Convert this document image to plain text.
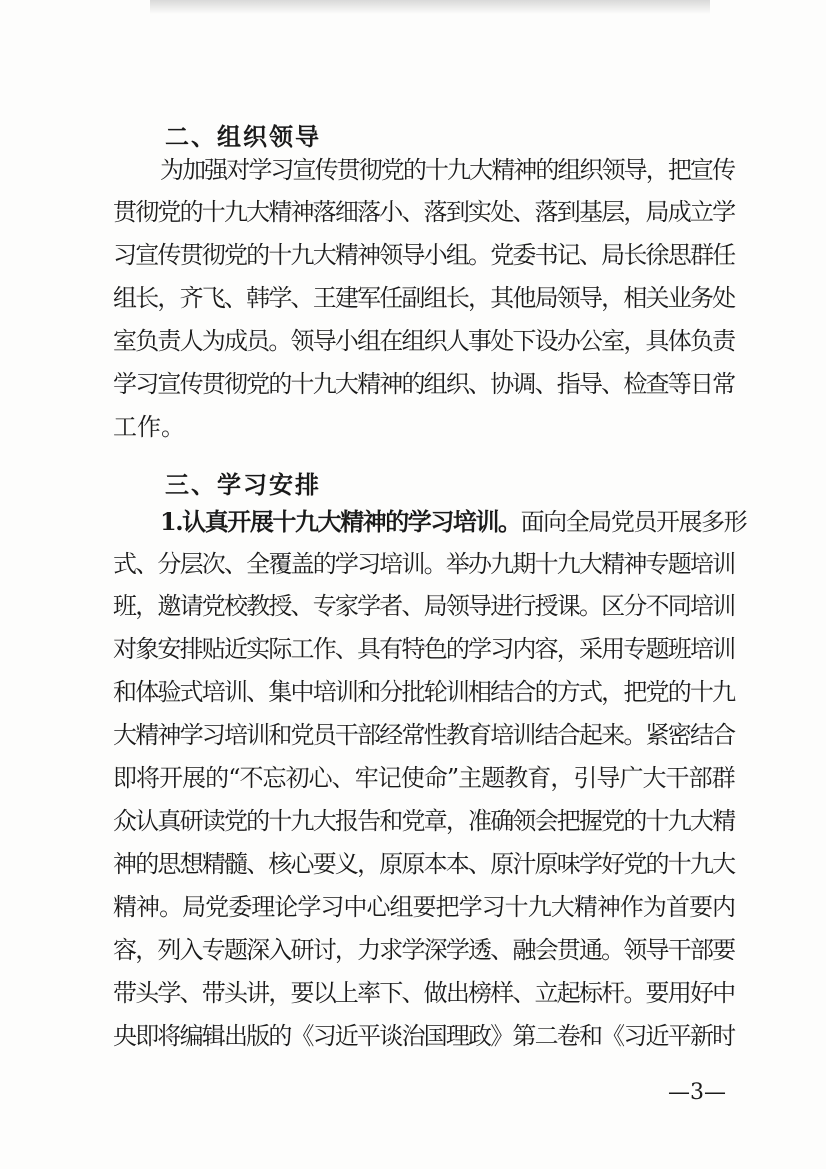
二、组织领导
为加强对学习宣传贯彻党的十九大精神的组织领导，把宣传
贯彻党的十九大精神落细落小、落到实处、落到基层，局成立学
习宣传贯彻党的十九大精神领导小组。党委书记、局长徐思群任
组长，齐飞、韩学、王建军任副组长，其他局领导，相关业务处
室负责人为成员。领导小组在组织人事处下设办公室，具体负责
学习宣传贯彻党的十九大精神的组织、协调、指导、检查等日常
工作。
三、学习安排
1.认真开展十九大精神的学习培训。面向全局党员开展多形
式、分层次、全覆盖的学习培训。举办九期十九大精神专题培训
班，邀请党校教授、专家学者、局领导进行授课。区分不同培训
对象安排贴近实际工作、具有特色的学习内容，采用专题班培训
和体验式培训、集中培训和分批轮训相结合的方式，把党的十九
大精神学习培训和党员干部经常性教育培训结合起来。紧密结合
即将开展的“不忘初心、牢记使命”主题教育，引导广大干部群
众认真研读党的十九大报告和党章，准确领会把握党的十九大精
神的思想精髓、核心要义，原原本本、原汁原味学好党的十九大
精神。局党委理论学习中心组要把学习十九大精神作为首要内
容，列入专题深入研讨，力求学深学透、融会贯通。领导干部要
带头学、带头讲，要以上率下、做出榜样、立起标杆。要用好中
央即将编辑出版的《习近平谈治国理政》第二卷和《习近平新时
—3—
